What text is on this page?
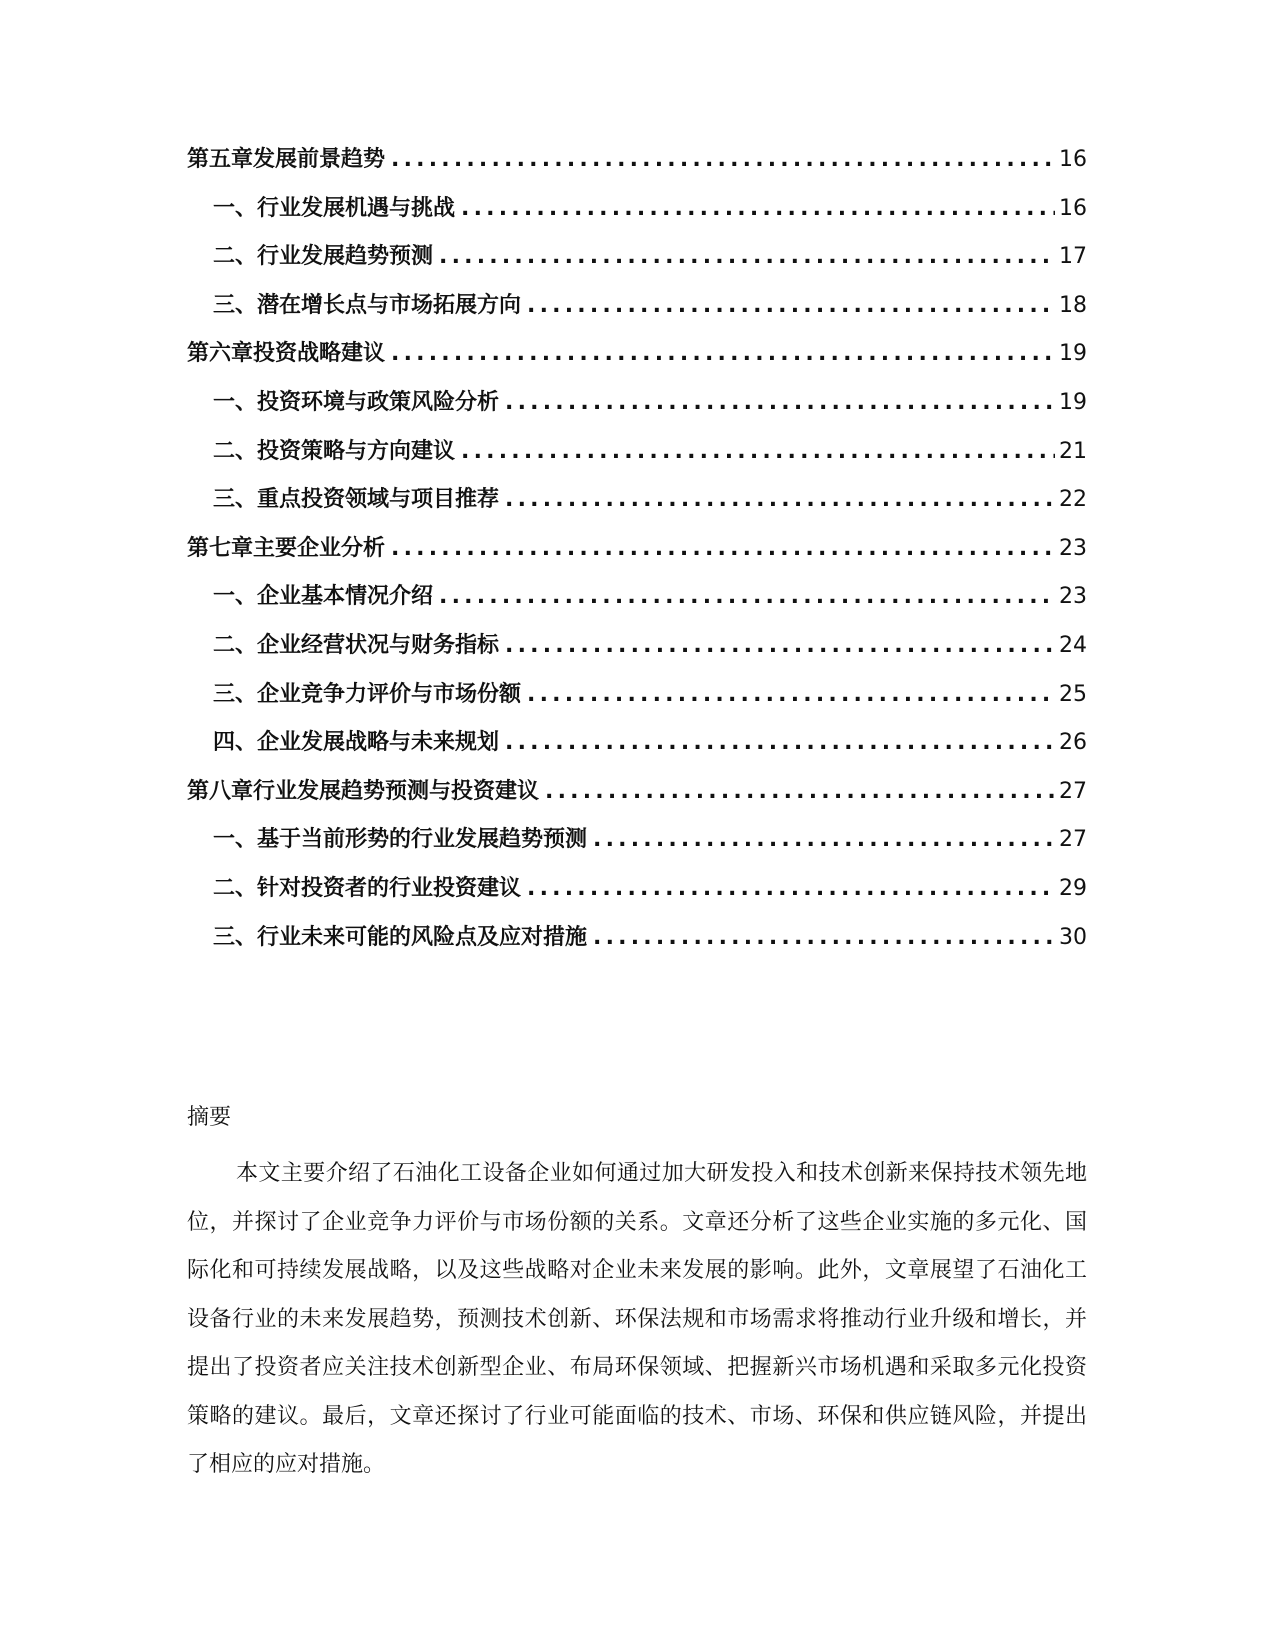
第五章 发展前景趋势 .....	16
一、 行业发展机遇与挑战 .....	16
二、 行业发展趋势预测 .....	17
三、 潜在增长点与市场拓展方向 .....	18
第六章 投资战略建议 .....	19
一、 投资环境与政策风险分析 .....	19
二、 投资策略与方向建议 .....	21
三、 重点投资领域与项目推荐 .....	22
第七章 主要企业分析 .....	23
一、 企业基本情况介绍 .....	23
二、 企业经营状况与财务指标 .....	24
三、 企业竞争力评价与市场份额 .....	25
四、 企业发展战略与未来规划 .....	26
第八章 行业发展趋势预测与投资建议 .....	27
一、 基于当前形势的行业发展趋势预测 .....	27
二、 针对投资者的行业投资建议 .....	29
三、 行业未来可能的风险点及应对措施 .....	30
摘要
本文主要介绍了石油化工设备企业如何通过加大研发投入和技术创新来保持技术领先地位，并探讨了企业竞争力评价与市场份额的关系。文章还分析了这些企业实施的多元化、国际化和可持续发展战略，以及这些战略对企业未来发展的影响。此外，文章展望了石油化工设备行业的未来发展趋势，预测技术创新、环保法规和市场需求将推动行业升级和增长，并提出了投资者应关注技术创新型企业、布局环保领域、把握新兴市场机遇和采取多元化投资策略的建议。最后，文章还探讨了行业可能面临的技术、市场、环保和供应链风险，并提出了相应的应对措施。
